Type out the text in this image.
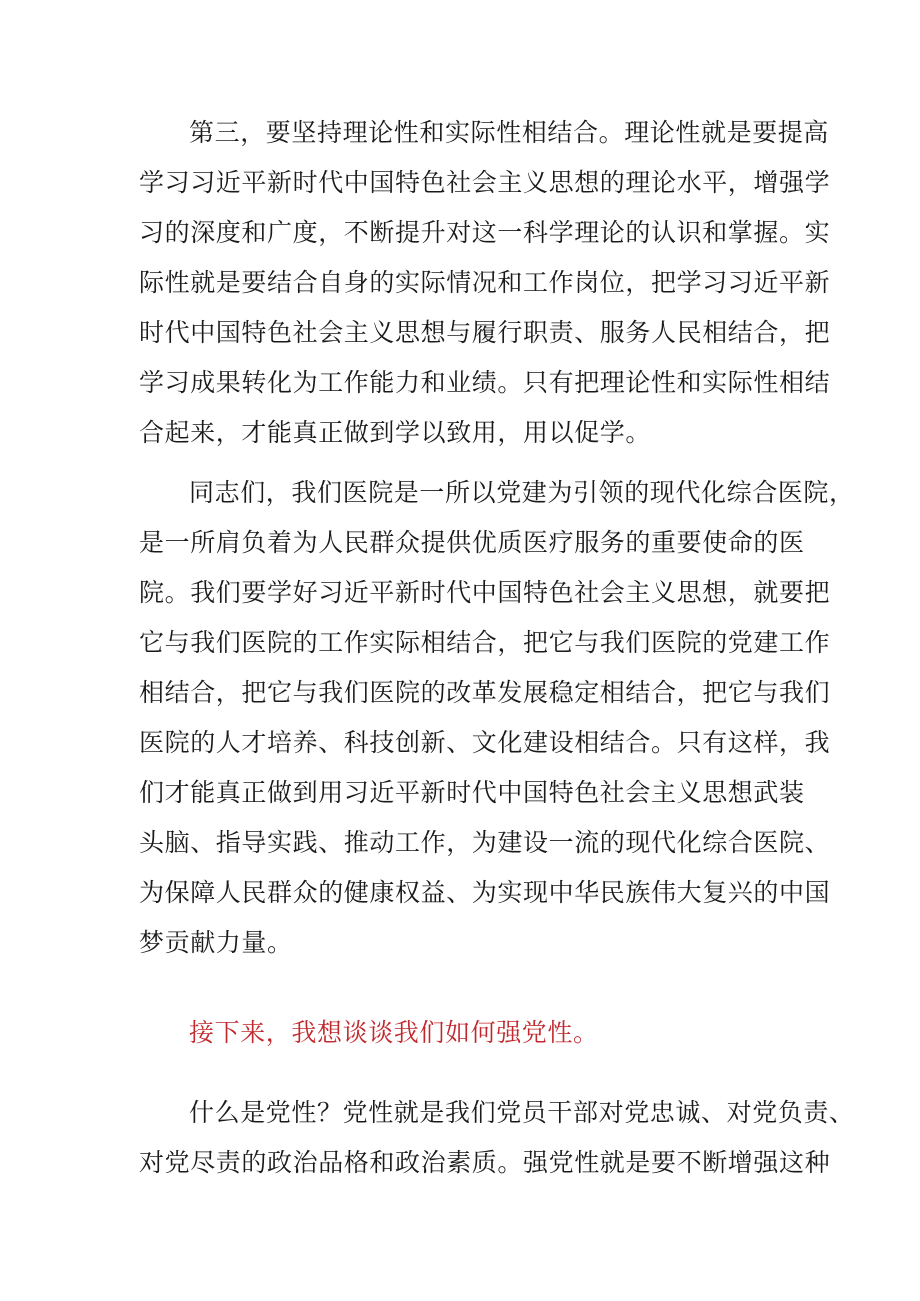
第三，要坚持理论性和实际性相结合。理论性就是要提高
学习习近平新时代中国特色社会主义思想的理论水平，增强学
习的深度和广度，不断提升对这一科学理论的认识和掌握。实
际性就是要结合自身的实际情况和工作岗位，把学习习近平新
时代中国特色社会主义思想与履行职责、服务人民相结合，把
学习成果转化为工作能力和业绩。只有把理论性和实际性相结
合起来，才能真正做到学以致用，用以促学。
同志们，我们医院是一所以党建为引领的现代化综合医院，
是一所肩负着为人民群众提供优质医疗服务的重要使命的医
院。我们要学好习近平新时代中国特色社会主义思想，就要把
它与我们医院的工作实际相结合，把它与我们医院的党建工作
相结合，把它与我们医院的改革发展稳定相结合，把它与我们
医院的人才培养、科技创新、文化建设相结合。只有这样，我
们才能真正做到用习近平新时代中国特色社会主义思想武装
头脑、指导实践、推动工作，为建设一流的现代化综合医院、
为保障人民群众的健康权益、为实现中华民族伟大复兴的中国
梦贡献力量。
接下来，我想谈谈我们如何强党性。
什么是党性？党性就是我们党员干部对党忠诚、对党负责、
对党尽责的政治品格和政治素质。强党性就是要不断增强这种
